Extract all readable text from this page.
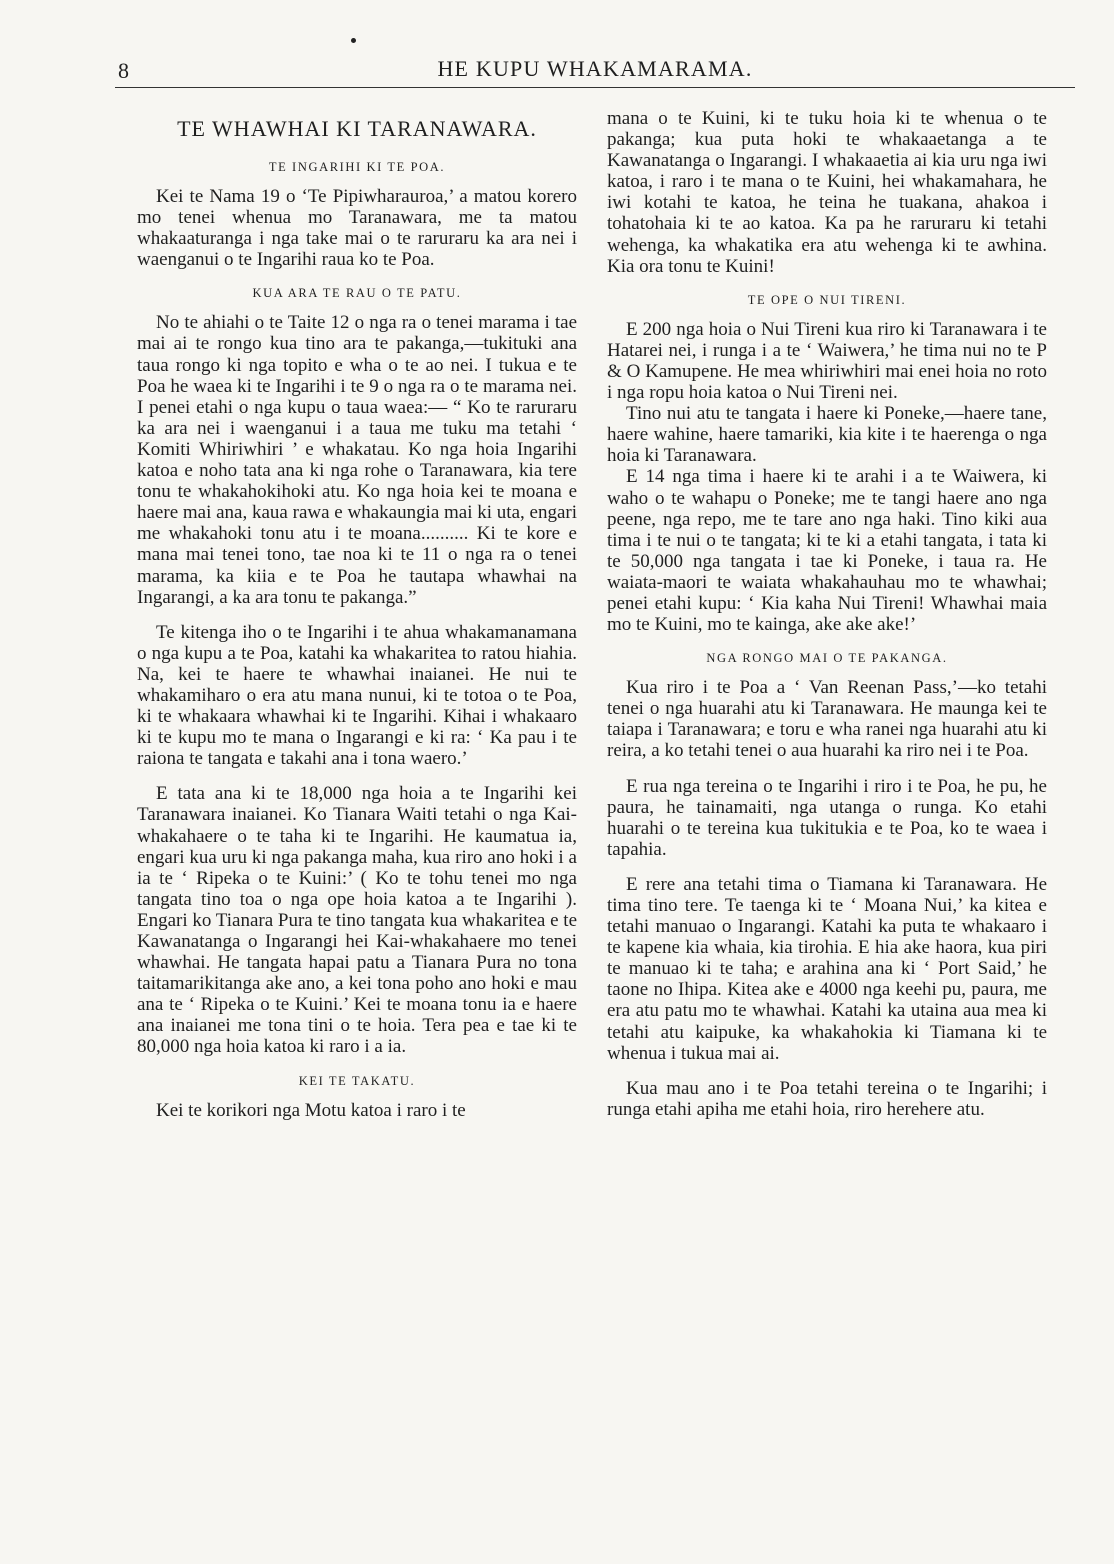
8	HE KUPU WHAKAMARAMA.
TE WHAWHAI KI TARANAWARA.
TE INGARIHI KI TE POA.

Kei te Nama 19 o ‘Te Pipiwharauroa,’ a matou korero mo tenei whenua mo Taranawara, me ta matou whakaaturanga i nga take mai o te raruraru ka ara nei i waenganui o te Ingarihi raua ko te Poa.

KUA ARA TE RAU O TE PATU.

No te ahiahi o te Taite 12 o nga ra o tenei marama i tae mai ai te rongo kua tino ara te pakanga,—tukituki ana taua rongo ki nga topito e wha o te ao nei. I tukua e te Poa he waea ki te Ingarihi i te 9 o nga ra o te marama nei. I penei etahi o nga kupu o taua waea:— “ Ko te raruraru ka ara nei i waenganui i a taua me tuku ma tetahi ‘ Komiti Whiriwhiri ’ e whakatau. Ko nga hoia Ingarihi katoa e noho tata ana ki nga rohe o Taranawara, kia tere tonu te whakahokihoki atu. Ko nga hoia kei te moana e haere mai ana, kaua rawa e whakaungia mai ki uta, engari me whakahoki tonu atu i te moana.......... Ki te kore e mana mai tenei tono, tae noa ki te 11 o nga ra o tenei marama, ka kiia e te Poa he tautapa whawhai na Ingarangi, a ka ara tonu te pakanga.”

Te kitenga iho o te Ingarihi i te ahua whakamanamana o nga kupu a te Poa, katahi ka whakaritea to ratou hiahia. Na, kei te haere te whawhai inaianei. He nui te whakamiharo o era atu mana nunui, ki te totoa o te Poa, ki te whakaara whawhai ki te Ingarihi. Kihai i whakaaro ki te kupu mo te mana o Ingarangi e ki ra: ‘ Ka pau i te raiona te tangata e takahi ana i tona waero.’

E tata ana ki te 18,000 nga hoia a te Ingarihi kei Taranawara inaianei. Ko Tianara Waiti tetahi o nga Kai-whakahaere o te taha ki te Ingarihi. He kaumatua ia, engari kua uru ki nga pakanga maha, kua riro ano hoki i a ia te ‘ Ripeka o te Kuini:’ ( Ko te tohu tenei mo nga tangata tino toa o nga ope hoia katoa a te Ingarihi ). Engari ko Tianara Pura te tino tangata kua whakaritea e te Kawanatanga o Ingarangi hei Kai-whakahaere mo tenei whawhai. He tangata hapai patu a Tianara Pura no tona taitamarikitanga ake ano, a kei tona poho ano hoki e mau ana te ‘ Ripeka o te Kuini.’ Kei te moana tonu ia e haere ana inaianei me tona tini o te hoia. Tera pea e tae ki te 80,000 nga hoia katoa ki raro i a ia.

KEI TE TAKATU.

Kei te korikori nga Motu katoa i raro i te

mana o te Kuini, ki te tuku hoia ki te whenua o te pakanga; kua puta hoki te whakaaetanga a te Kawanatanga o Ingarangi. I whakaaetia ai kia uru nga iwi katoa, i raro i te mana o te Kuini, hei whakamahara, he iwi kotahi te katoa, he teina he tuakana, ahakoa i tohatohaia ki te ao katoa. Ka pa he raruraru ki tetahi wehenga, ka whakatika era atu wehenga ki te awhina. Kia ora tonu te Kuini!

TE OPE O NUI TIRENI.

E 200 nga hoia o Nui Tireni kua riro ki Taranawara i te Hatarei nei, i runga i a te ‘ Waiwera,’ he tima nui no te P & O Kamupene. He mea whiriwhiri mai enei hoia no roto i nga ropu hoia katoa o Nui Tireni nei.

Tino nui atu te tangata i haere ki Poneke,—haere tane, haere wahine, haere tamariki, kia kite i te haerenga o nga hoia ki Taranawara.

E 14 nga tima i haere ki te arahi i a te Waiwera, ki waho o te wahapu o Poneke; me te tangi haere ano nga peene, nga repo, me te tare ano nga haki. Tino kiki aua tima i te nui o te tangata; ki te ki a etahi tangata, i tata ki te 50,000 nga tangata i tae ki Poneke, i taua ra. He waiata-maori te waiata whakahauhau mo te whawhai; penei etahi kupu: ‘ Kia kaha Nui Tireni! Whawhai maia mo te Kuini, mo te kainga, ake ake ake!’

NGA RONGO MAI O TE PAKANGA.

Kua riro i te Poa a ‘ Van Reenan Pass,’—ko tetahi tenei o nga huarahi atu ki Taranawara. He maunga kei te taiapa i Taranawara; e toru e wha ranei nga huarahi atu ki reira, a ko tetahi tenei o aua huarahi ka riro nei i te Poa.

E rua nga tereina o te Ingarihi i riro i te Poa, he pu, he paura, he tainamaiti, nga utanga o runga. Ko etahi huarahi o te tereina kua tukitukia e te Poa, ko te waea i tapahia.

E rere ana tetahi tima o Tiamana ki Taranawara. He tima tino tere. Te taenga ki te ‘ Moana Nui,’ ka kitea e tetahi manuao o Ingarangi. Katahi ka puta te whakaaro i te kapene kia whaia, kia tirohia. E hia ake haora, kua piri te manuao ki te taha; e arahina ana ki ‘ Port Said,’ he taone no Ihipa. Kitea ake e 4000 nga keehi pu, paura, me era atu patu mo te whawhai. Katahi ka utaina aua mea ki tetahi atu kaipuke, ka whakahokia ki Tiamana ki te whenua i tukua mai ai.

Kua mau ano i te Poa tetahi tereina o te Ingarihi; i runga etahi apiha me etahi hoia, riro herehere atu.
